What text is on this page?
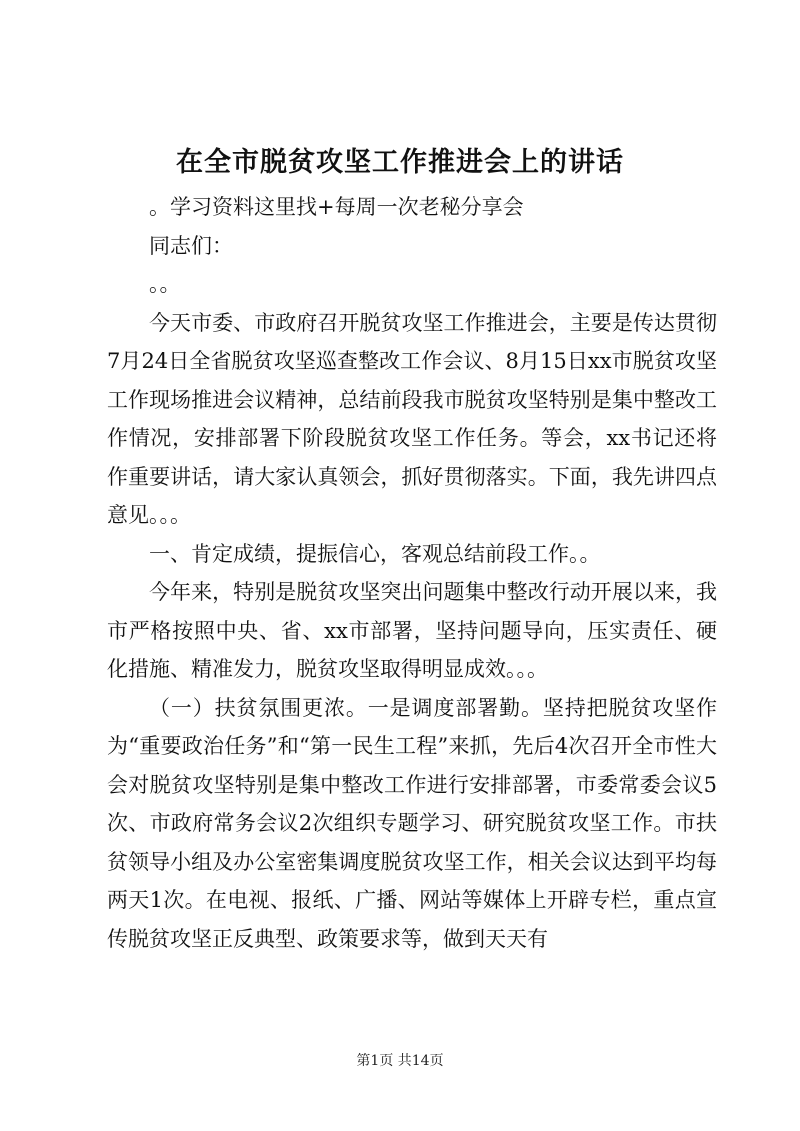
在全市脱贫攻坚工作推进会上的讲话

。学习资料这里找+每周一次老秘分享会

同志们：

。。

今天市委、市政府召开脱贫攻坚工作推进会，主要是传达贯彻7月24日全省脱贫攻坚巡查整改工作会议、8月15日xx市脱贫攻坚工作现场推进会议精神，总结前段我市脱贫攻坚特别是集中整改工作情况，安排部署下阶段脱贫攻坚工作任务。等会，xx书记还将作重要讲话，请大家认真领会，抓好贯彻落实。下面，我先讲四点意见。。。

一、肯定成绩，提振信心，客观总结前段工作。。

今年来，特别是脱贫攻坚突出问题集中整改行动开展以来，我市严格按照中央、省、xx市部署，坚持问题导向，压实责任、硬化措施、精准发力，脱贫攻坚取得明显成效。。。

（一）扶贫氛围更浓。一是调度部署勤。坚持把脱贫攻坚作为“重要政治任务”和“第一民生工程”来抓，先后4次召开全市性大会对脱贫攻坚特别是集中整改工作进行安排部署，市委常委会议5次、市政府常务会议2次组织专题学习、研究脱贫攻坚工作。市扶贫领导小组及办公室密集调度脱贫攻坚工作，相关会议达到平均每两天1次。在电视、报纸、广播、网站等媒体上开辟专栏，重点宣传脱贫攻坚正反典型、政策要求等，做到天天有

第1页 共14页
